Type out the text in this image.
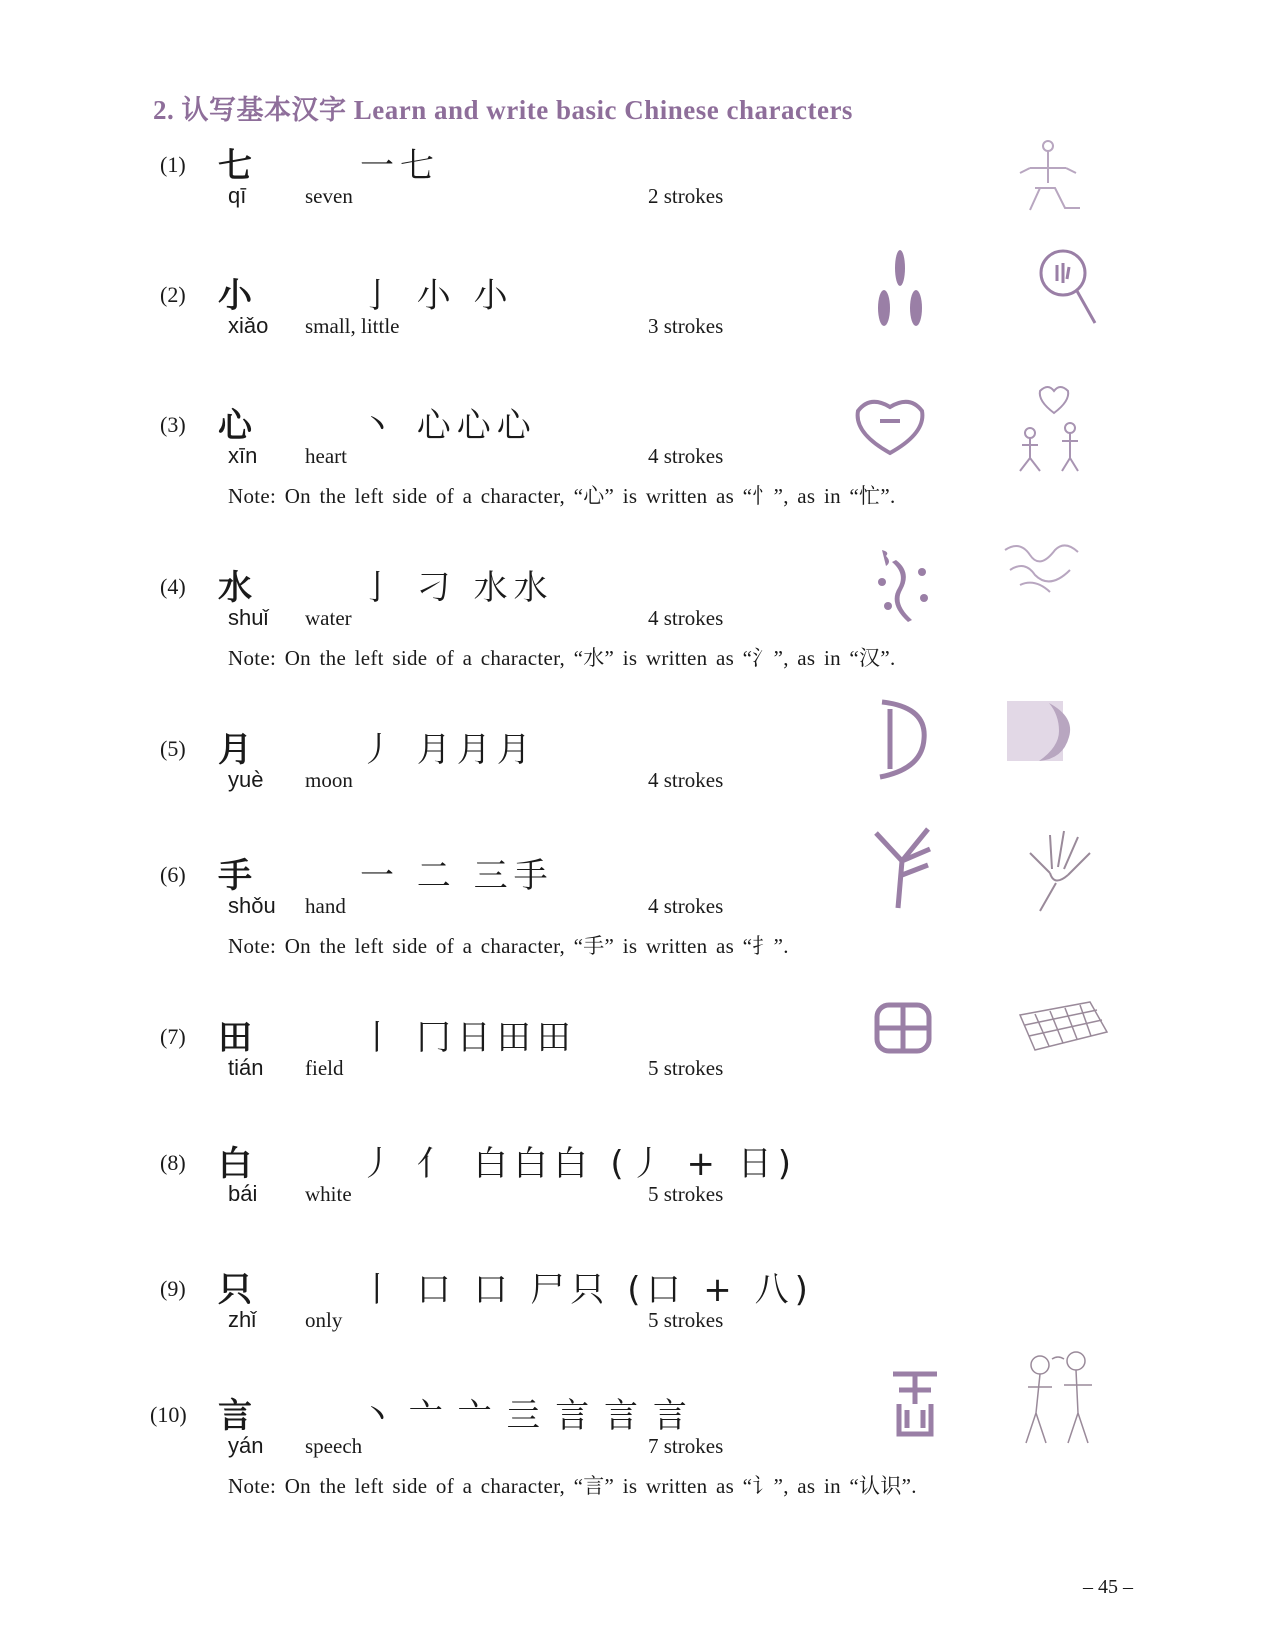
2. 认写基本汉字 Learn and write basic Chinese characters
(1) 七	一七
qī	seven	2 strokes
(2) 小	亅 小 小
xiǎo small, little	3 strokes
(3) 心	丶 心心心
xīn heart	4 strokes
Note: On the left side of a character, “心” is written as “忄”, as in “忙”.
(4) 水	亅 刁 水水
shuǐ water	4 strokes
Note: On the left side of a character, “水” is written as “氵”, as in “汉”.
(5) 月	丿 月月月
yuè moon	4 strokes
(6) 手	一 二 三手
shǒu hand	4 strokes
Note: On the left side of a character, “手” is written as “扌”.
(7) 田	丨 冂日田田
tián field	5 strokes
(8) 白	丿 亻 白白白 (丿 + 日)
bái white	5 strokes
(9) 只	丨 口 口 尸只 (口 + 八)
zhǐ only	5 strokes
(10) 言	丶 亠 亠 亖 言 言 言
yán speech	7 strokes
Note: On the left side of a character, “言” is written as “讠”, as in “认识”.
– 45 –
